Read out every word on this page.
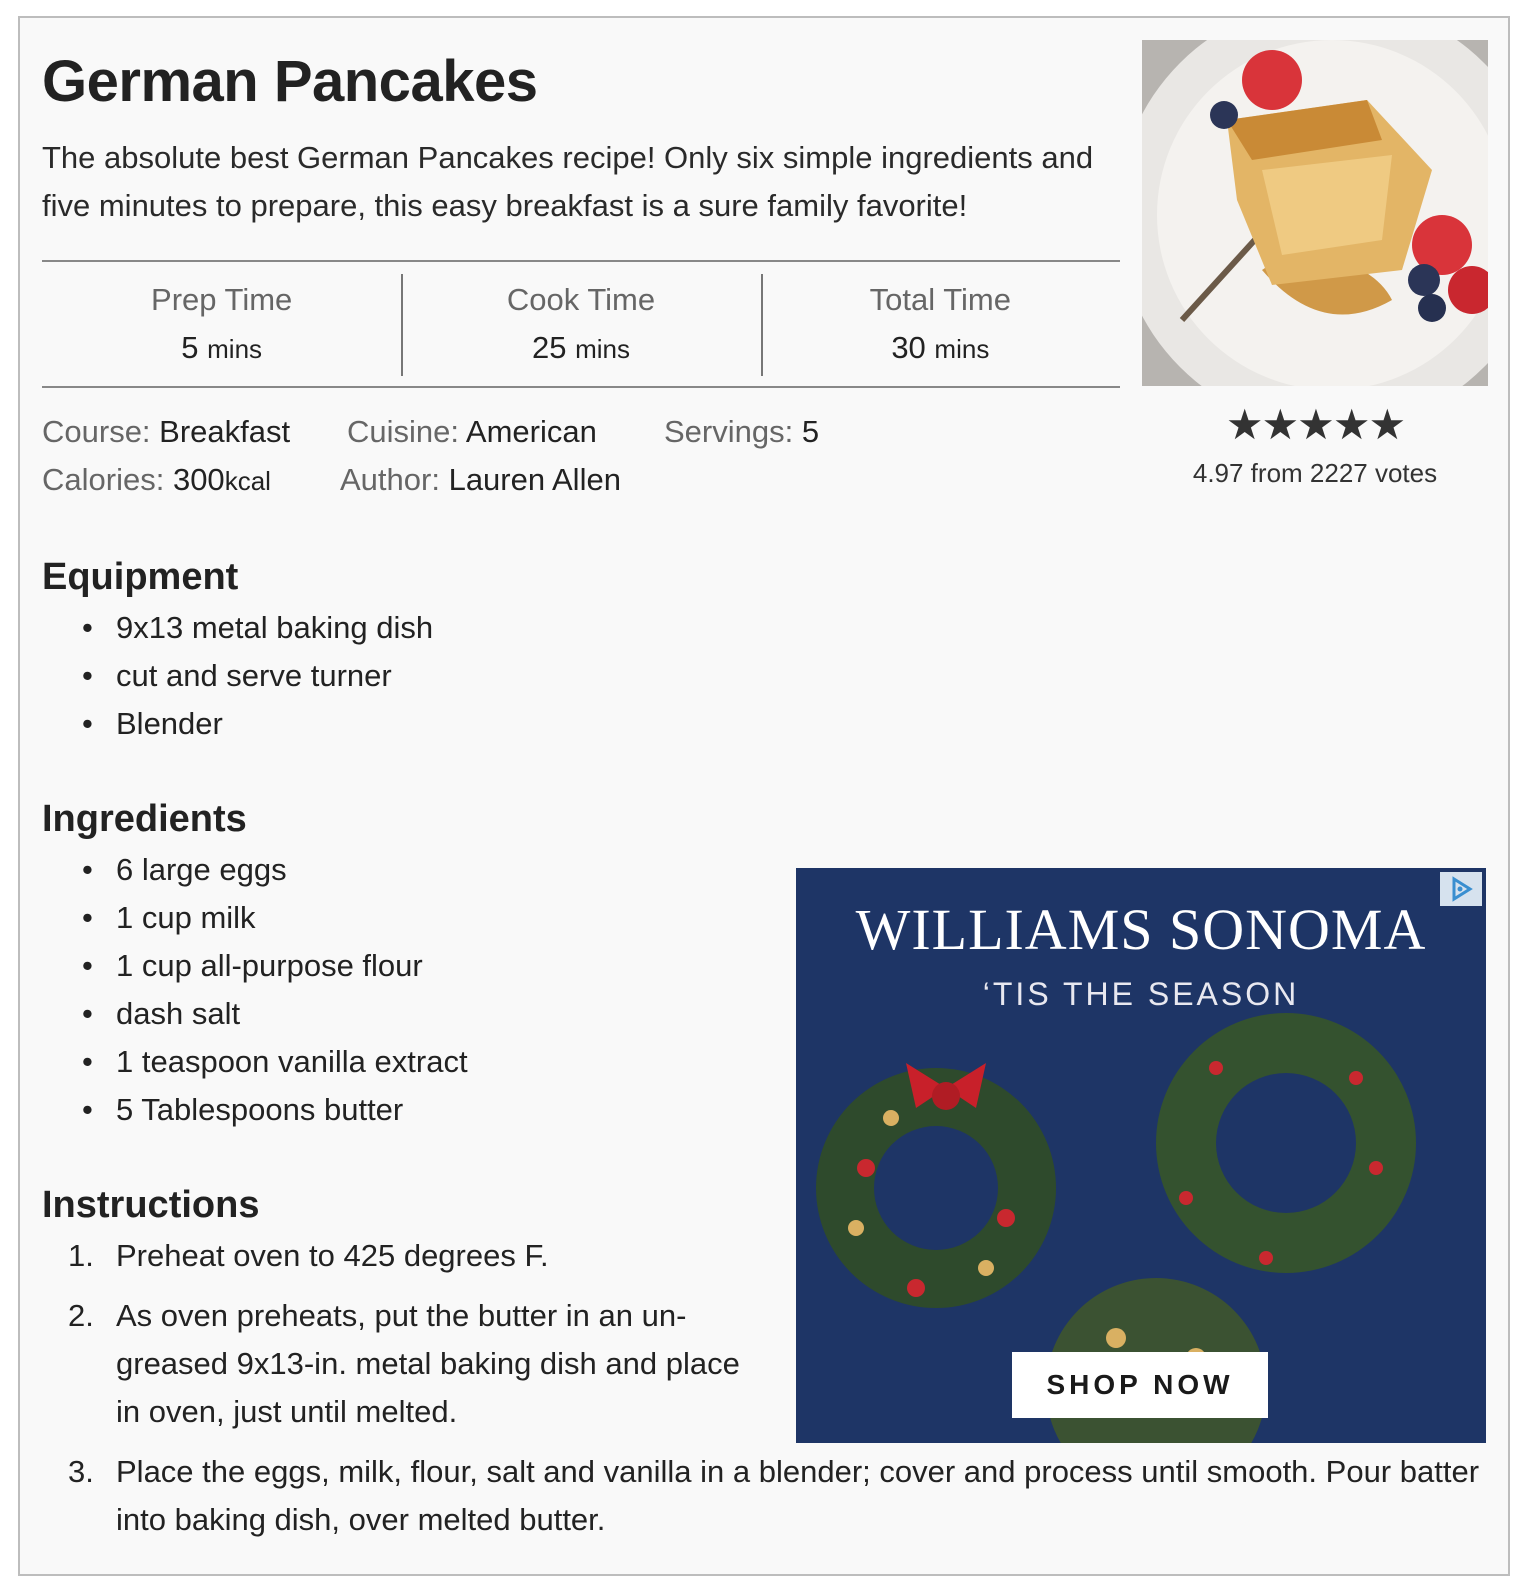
German Pancakes

The absolute best German Pancakes recipe! Only six simple ingredients and five minutes to prepare, this easy breakfast is a sure family favorite!

Prep Time
5 mins
Cook Time
25 mins
Total Time
30 mins
Course: Breakfast Cuisine: American Servings: 5
Calories: 300kcal Author: Lauren Allen
★★★★★
4.97 from 2227 votes
Equipment
• 9x13 metal baking dish
• cut and serve turner
• Blender
Ingredients
• 6 large eggs
• 1 cup milk
• 1 cup all-purpose flour
• dash salt
• 1 teaspoon vanilla extract
• 5 Tablespoons butter
Instructions
1. Preheat oven to 425 degrees F.
2. As oven preheats, put the butter in an un-greased 9x13-in. metal baking dish and place in oven, just until melted.
3. Place the eggs, milk, flour, salt and vanilla in a blender; cover and process until smooth. Pour batter into baking dish, over melted butter.
WILLIAMS SONOMA
‘TIS THE SEASON
SHOP NOW
